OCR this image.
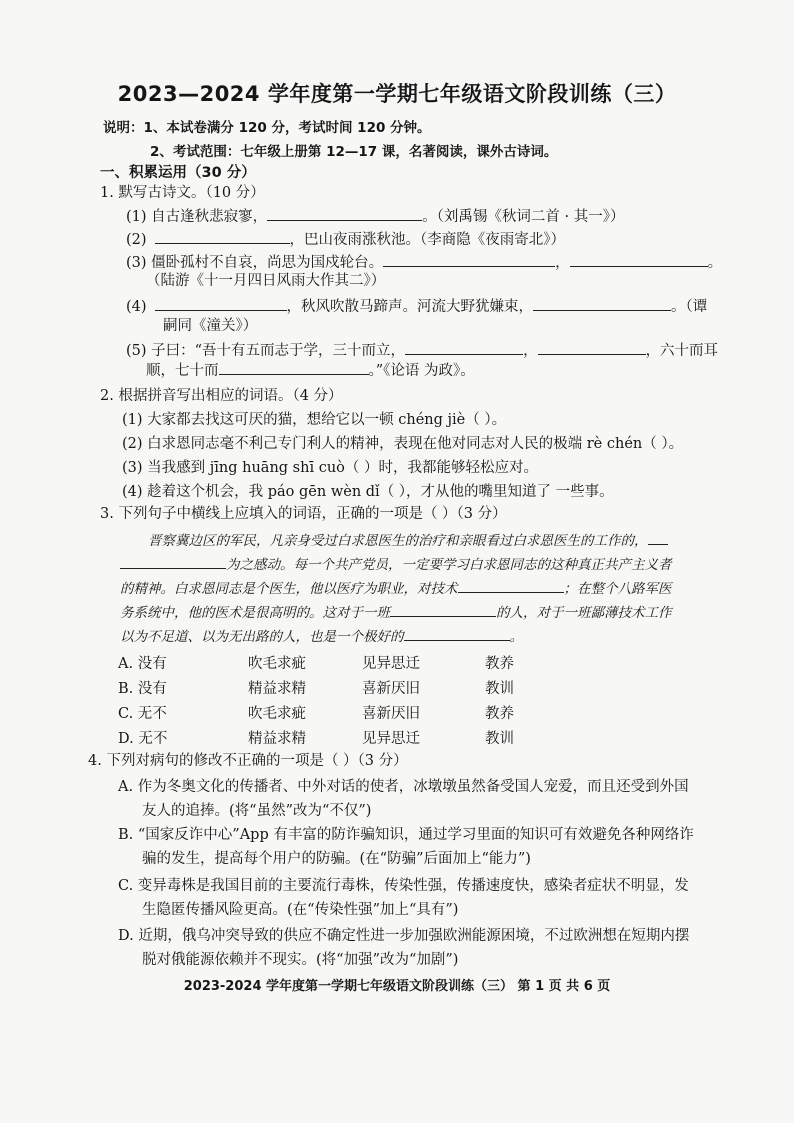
2023—2024 学年度第一学期七年级语文阶段训练（三）
说明：1、本试卷满分 120 分，考试时间 120 分钟。
2、考试范围：七年级上册第 12—17 课，名著阅读，课外古诗词。
一、积累运用（30 分）
1. 默写古诗文。（10 分）
(1) 自古逢秋悲寂寥，	。（刘禹锡《秋词二首 · 其一》）
(2)	，巴山夜雨涨秋池。（李商隐《夜雨寄北》）
(3) 僵卧孤村不自哀，尚思为国戍轮台。	，	。
（陆游《十一月四日风雨大作其二》）
(4)	，秋风吹散马蹄声。河流大野犹嫌束，	。（谭
嗣同《潼关》）
(5) 子曰：“吾十有五而志于学，三十而立，	，	，六十而耳
顺，七十而	。”《论语 为政》。
2. 根据拼音写出相应的词语。（4 分）
(1) 大家都去找这可厌的猫，想给它以一顿 chéng jiè（ ）。
(2) 白求恩同志毫不利己专门利人的精神，表现在他对同志对人民的极端 rè chén（ ）。
(3) 当我感到 jīng huāng shī cuò（ ）时，我都能够轻松应对。
(4) 趁着这个机会，我 páo gēn wèn dǐ（ ），才从他的嘴里知道了 一些事。
3. 下列句子中横线上应填入的词语，正确的一项是（ ）（3 分）
晋察冀边区的军民，凡亲身受过白求恩医生的治疗和亲眼看过白求恩医生的工作的，
为之感动。每一个共产党员，一定要学习白求恩同志的这种真正共产主义者
的精神。白求恩同志是个医生，他以医疗为职业，对技术	；在整个八路军医
务系统中，他的医术是很高明的。这对于一班	的人，对于一班鄙薄技术工作
以为不足道、以为无出路的人，也是一个极好的	。
A. 没有	吹毛求疵	见异思迁	教养
B. 没有	精益求精	喜新厌旧	教训
C. 无不	吹毛求疵	喜新厌旧	教养
D. 无不	精益求精	见异思迁	教训
4. 下列对病句的修改不正确的一项是（ ）（3 分）
A. 作为冬奥文化的传播者、中外对话的使者，冰墩墩虽然备受国人宠爱，而且还受到外国
友人的追捧。(将“虽然”改为“不仅”)
B. “国家反诈中心”App 有丰富的防诈骗知识，通过学习里面的知识可有效避免各种网络诈
骗的发生，提高每个用户的防骗。(在“防骗”后面加上“能力”)
C. 变异毒株是我国目前的主要流行毒株，传染性强，传播速度快，感染者症状不明显，发
生隐匿传播风险更高。(在“传染性强”加上“具有”)
D. 近期，俄乌冲突导致的供应不确定性进一步加强欧洲能源困境，不过欧洲想在短期内摆
脱对俄能源依赖并不现实。(将“加强”改为“加剧”)
2023-2024 学年度第一学期七年级语文阶段训练（三） 第 1 页 共 6 页
